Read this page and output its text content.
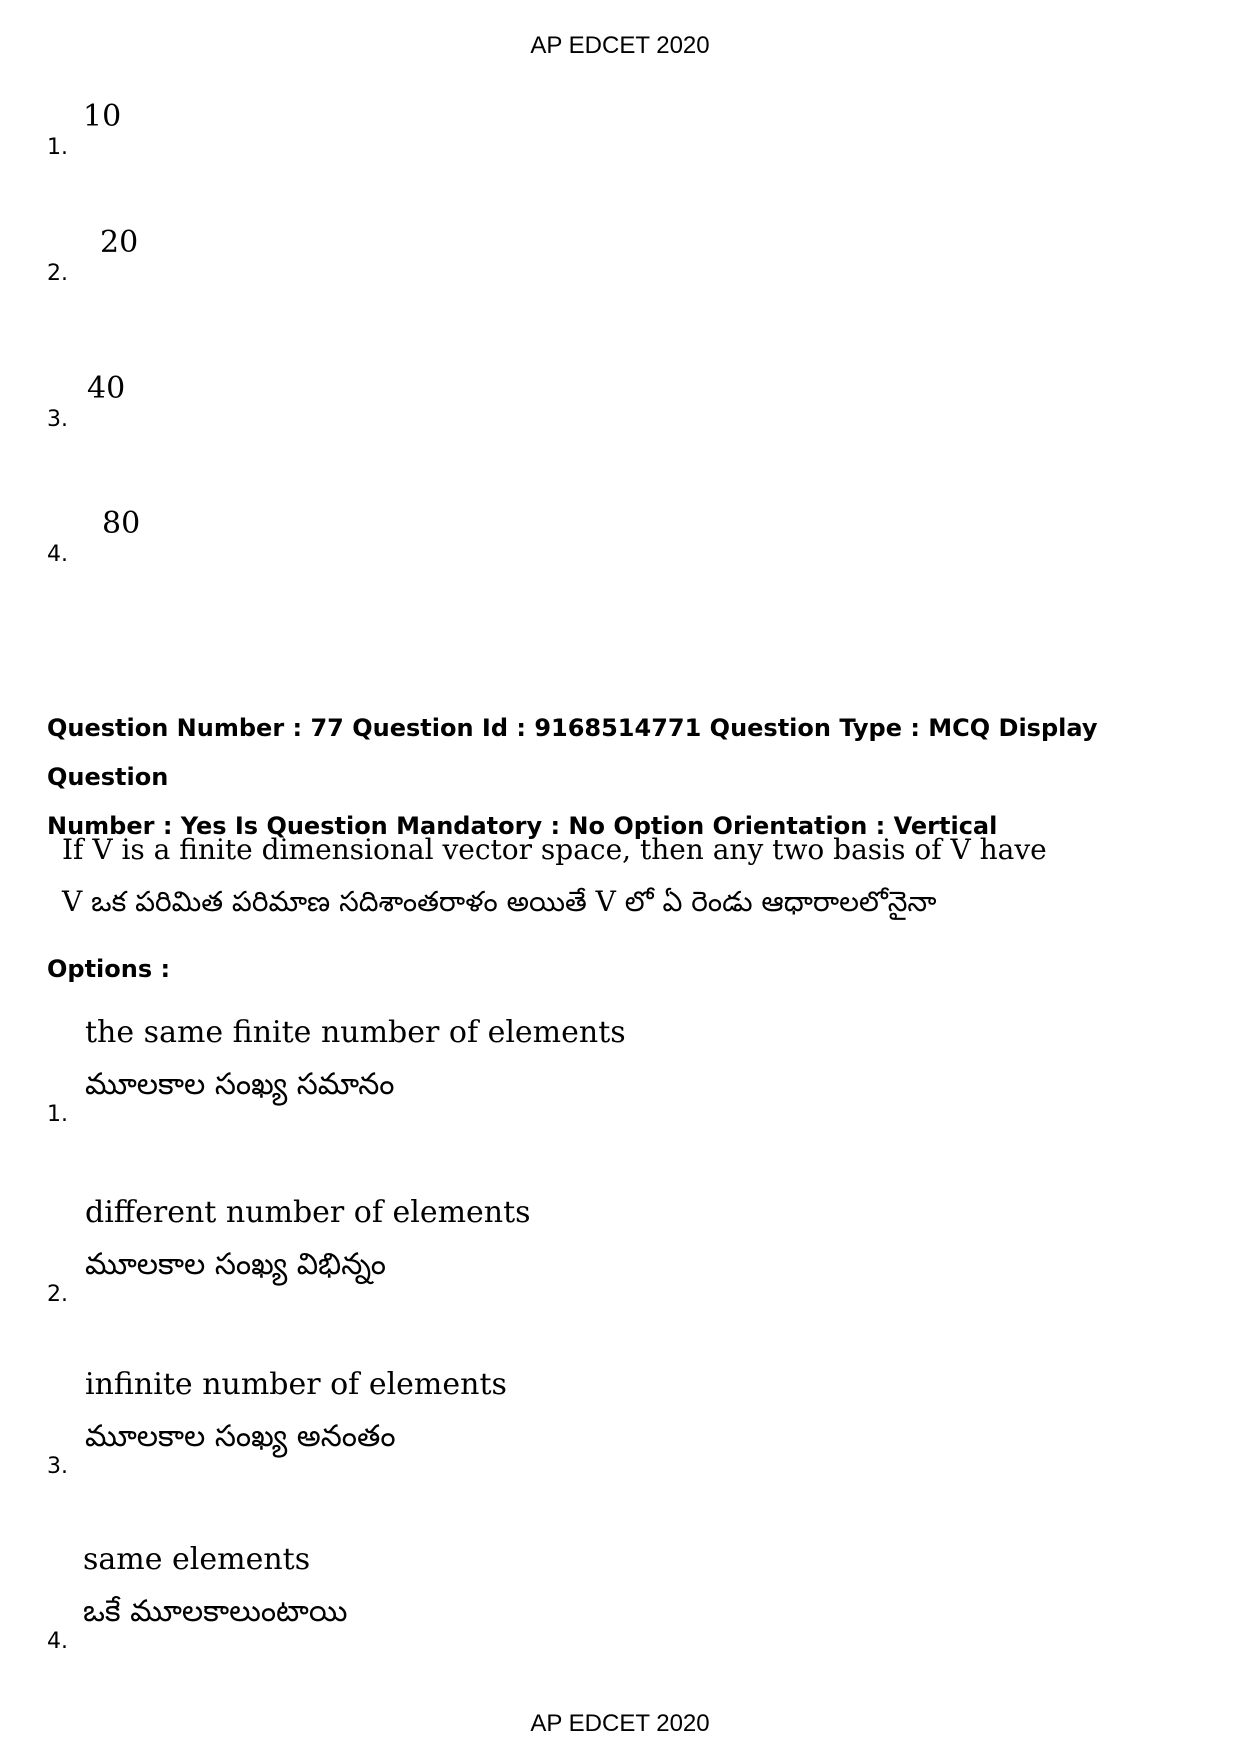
AP EDCET 2020
1.
10
2.
20
3.
40
4.
80
Question Number : 77 Question Id : 9168514771 Question Type : MCQ Display Question
Number : Yes Is Question Mandatory : No Option Orientation : Vertical
If V is a finite dimensional vector space, then any two basis of V have
V ఒక పరిమిత పరిమాణ సదిశాంతరాళం అయితే V లో ఏ రెండు ఆధారాలలోనైనా
Options :
the same finite number of elements
మూలకాల సంఖ్య సమానం
1.
different number of elements
మూలకాల సంఖ్య విభిన్నం
2.
infinite number of elements
మూలకాల సంఖ్య అనంతం
3.
same elements
ఒకే మూలకాలుంటాయి
4.
AP EDCET 2020
